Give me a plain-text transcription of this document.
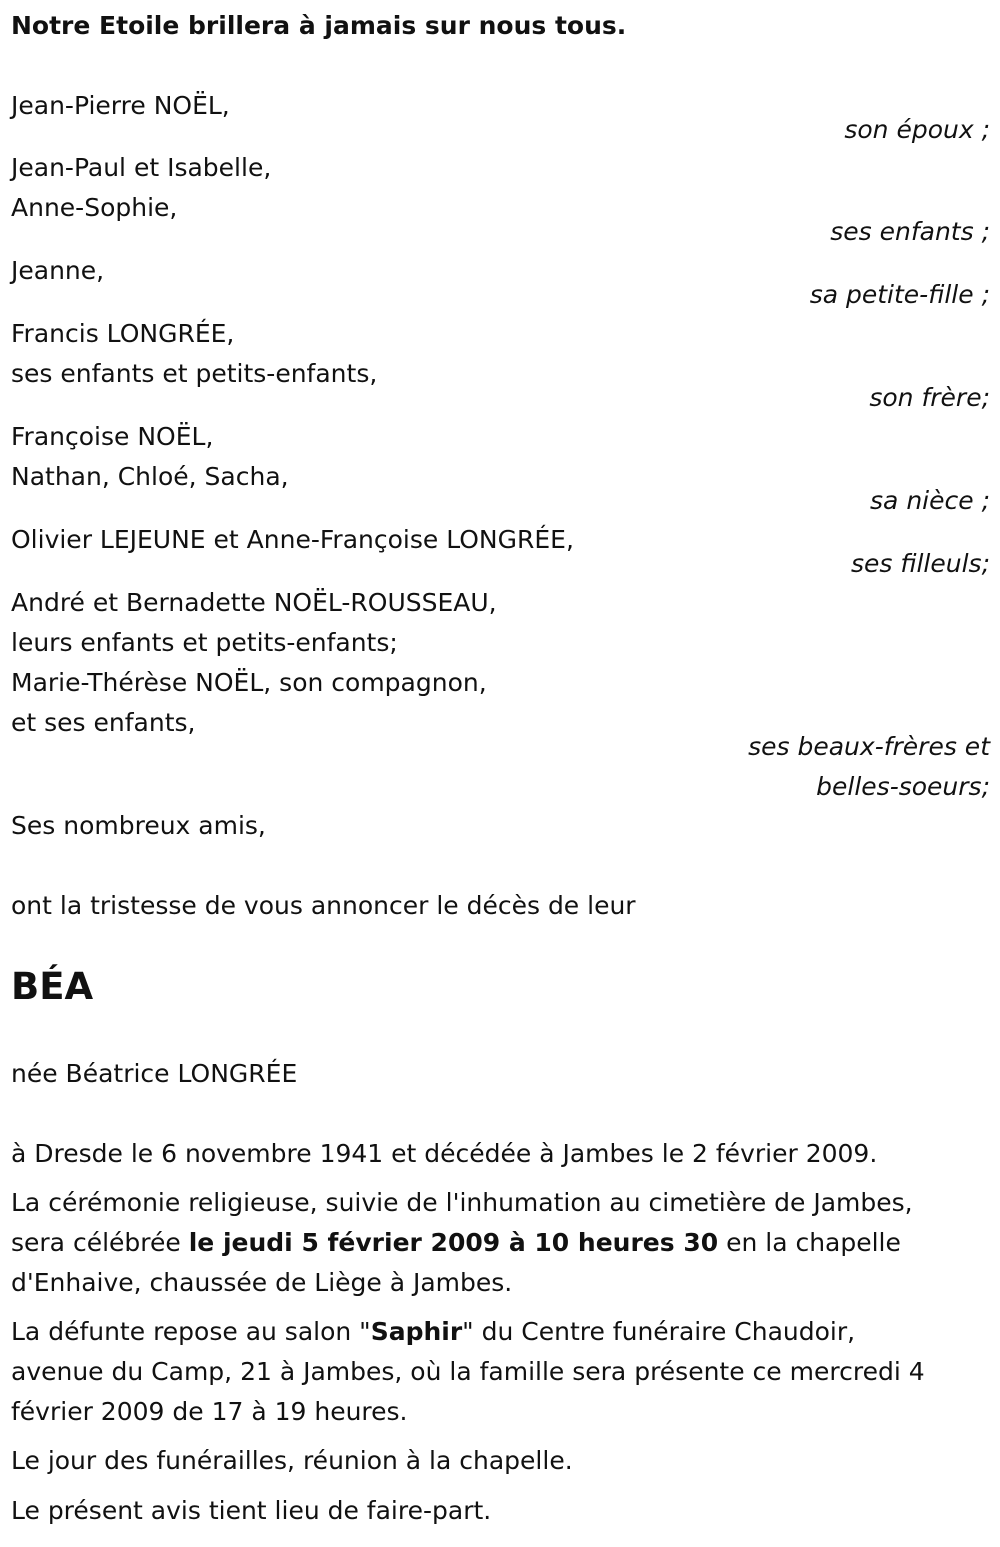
Notre Etoile brillera à jamais sur nous tous.
Jean-Pierre NOËL,
son époux ;
Jean-Paul et Isabelle,
Anne-Sophie,
ses enfants ;
Jeanne,
sa petite-fille ;
Francis LONGRÉE,
ses enfants et petits-enfants,
son frère;
Françoise NOËL,
Nathan, Chloé, Sacha,
sa nièce ;
Olivier LEJEUNE et Anne-Françoise LONGRÉE,
ses filleuls;
André et Bernadette NOËL-ROUSSEAU,
leurs enfants et petits-enfants;
Marie-Thérèse NOËL, son compagnon,
et ses enfants,
ses beaux-frères et
belles-soeurs;
Ses nombreux amis,
ont la tristesse de vous annoncer le décès de leur
BÉA
née Béatrice LONGRÉE
à Dresde le 6 novembre 1941 et décédée à Jambes le 2 février 2009.
La cérémonie religieuse, suivie de l'inhumation au cimetière de Jambes,
sera célébrée le jeudi 5 février 2009 à 10 heures 30 en la chapelle
d'Enhaive, chaussée de Liège à Jambes.
La défunte repose au salon "Saphir" du Centre funéraire Chaudoir,
avenue du Camp, 21 à Jambes, où la famille sera présente ce mercredi 4
février 2009 de 17 à 19 heures.
Le jour des funérailles, réunion à la chapelle.
Le présent avis tient lieu de faire-part.
